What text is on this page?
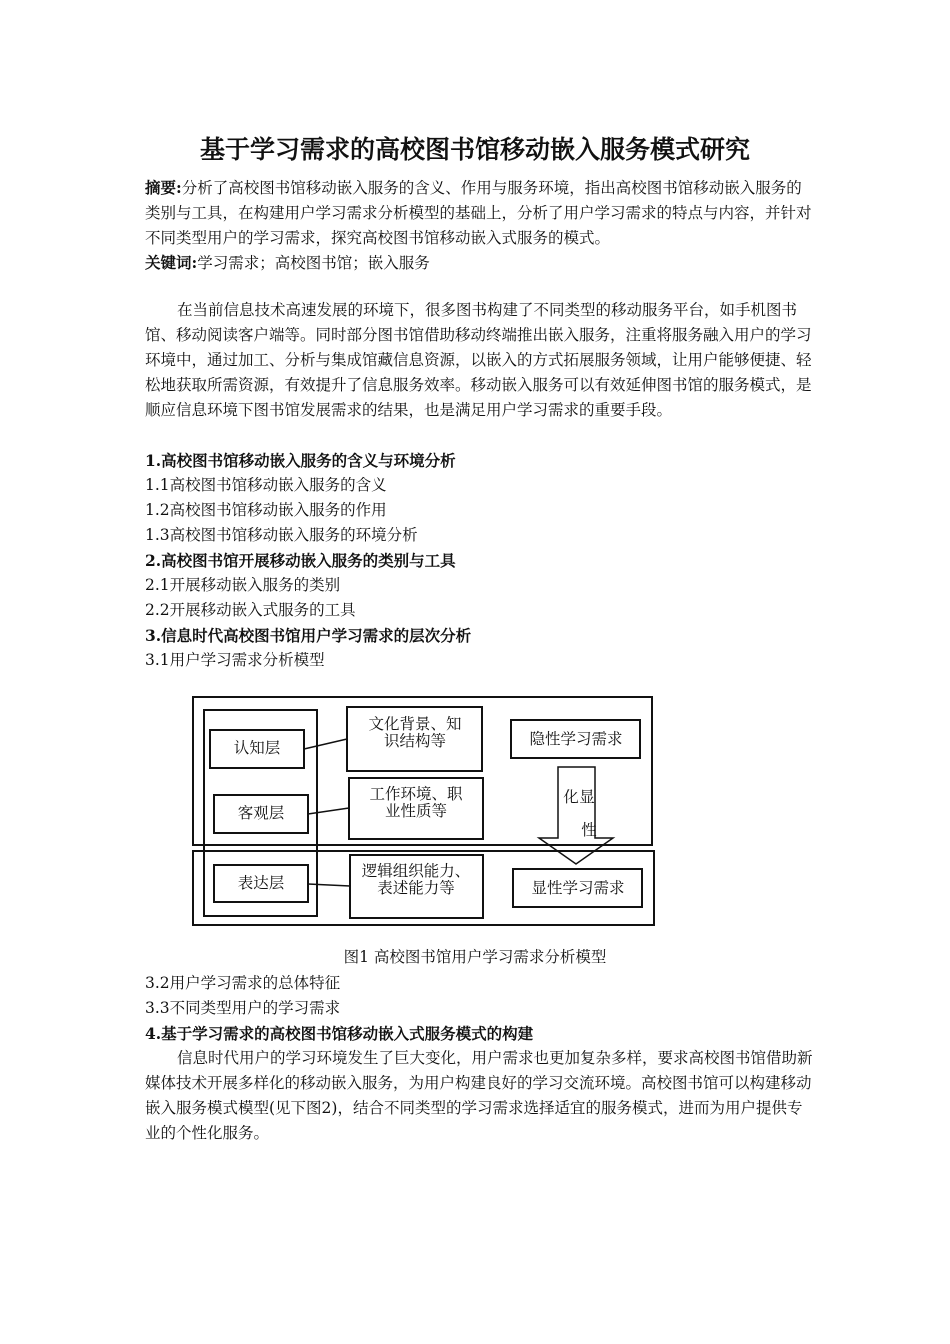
基于学习需求的高校图书馆移动嵌入服务模式研究
摘要:分析了高校图书馆移动嵌入服务的含义、作用与服务环境，指出高校图书馆移动嵌入服务的类别与工具，在构建用户学习需求分析模型的基础上，分析了用户学习需求的特点与内容，并针对不同类型用户的学习需求，探究高校图书馆移动嵌入式服务的模式。
关键词:学习需求；高校图书馆；嵌入服务
在当前信息技术高速发展的环境下，很多图书构建了不同类型的移动服务平台，如手机图书馆、移动阅读客户端等。同时部分图书馆借助移动终端推出嵌入服务，注重将服务融入用户的学习环境中，通过加工、分析与集成馆藏信息资源，以嵌入的方式拓展服务领域，让用户能够便捷、轻松地获取所需资源，有效提升了信息服务效率。移动嵌入服务可以有效延伸图书馆的服务模式，是顺应信息环境下图书馆发展需求的结果，也是满足用户学习需求的重要手段。
1.高校图书馆移动嵌入服务的含义与环境分析
1.1高校图书馆移动嵌入服务的含义
1.2高校图书馆移动嵌入服务的作用
1.3高校图书馆移动嵌入服务的环境分析
2.高校图书馆开展移动嵌入服务的类别与工具
2.1开展移动嵌入服务的类别
2.2开展移动嵌入式服务的工具
3.信息时代高校图书馆用户学习需求的层次分析
3.1用户学习需求分析模型
认知层
客观层
表达层
文化背景、知
识结构等
工作环境、职
业性质等
逻辑组织能力、
表述能力等
隐性学习需求
显性学习需求
化 显
性
图1 高校图书馆用户学习需求分析模型
3.2用户学习需求的总体特征
3.3不同类型用户的学习需求
4.基于学习需求的高校图书馆移动嵌入式服务模式的构建
信息时代用户的学习环境发生了巨大变化，用户需求也更加复杂多样，要求高校图书馆借助新媒体技术开展多样化的移动嵌入服务，为用户构建良好的学习交流环境。高校图书馆可以构建移动嵌入服务模式模型(见下图2)，结合不同类型的学习需求选择适宜的服务模式，进而为用户提供专业的个性化服务。
